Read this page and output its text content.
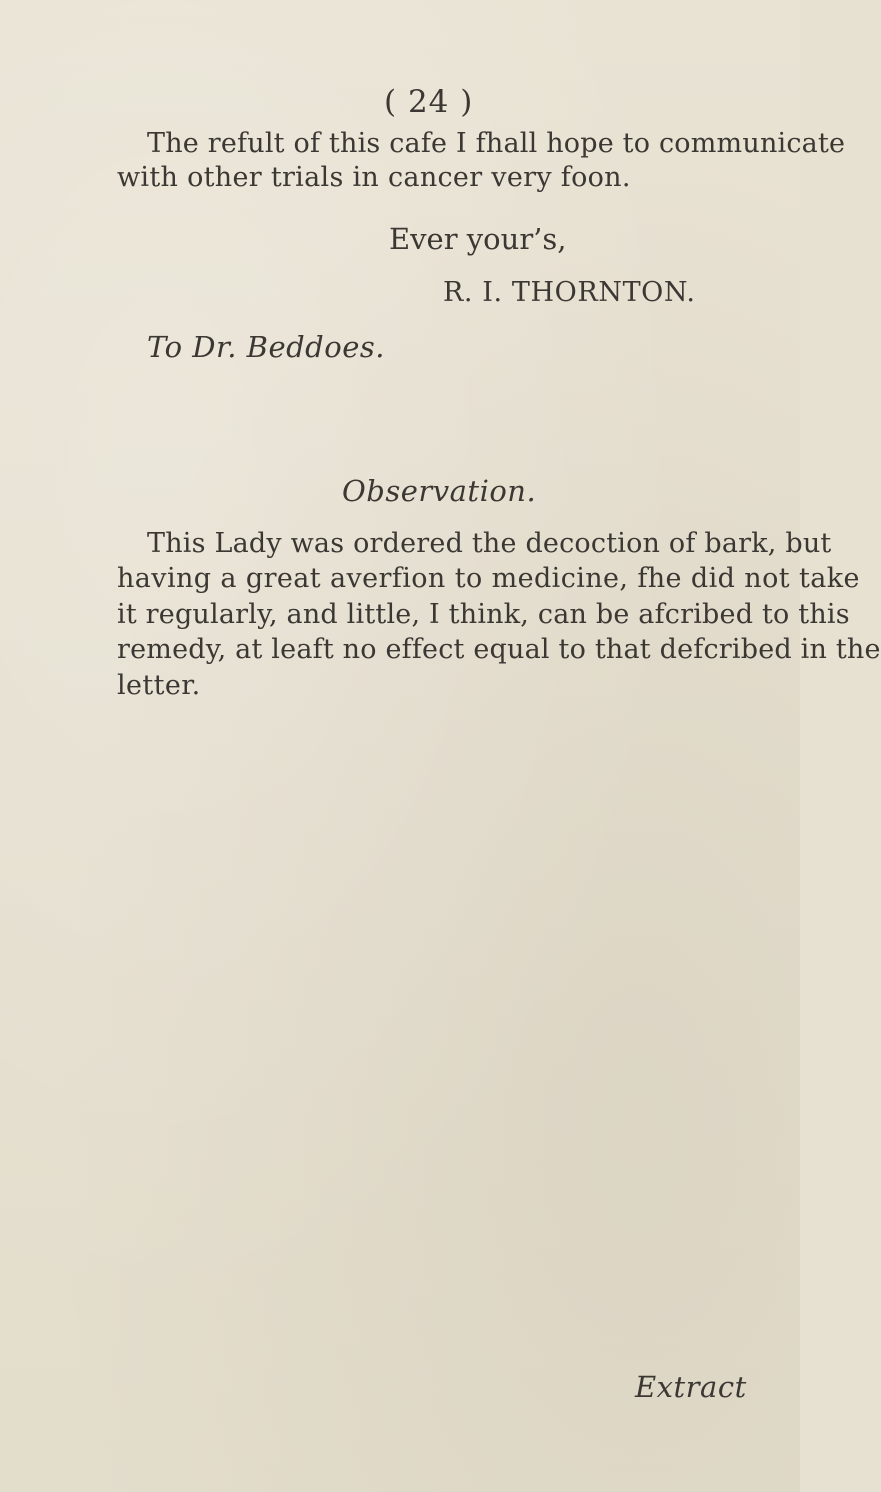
( 24 )

The refult of this cafe I fhall hope to communicate

with other trials in cancer very foon.

Ever your’s,

R. I. THORNTON.

To Dr. Beddoes.

Observation.

This Lady was ordered the decoction of bark, but

having a great averfion to medicine, fhe did not take

it regularly, and little, I think, can be afcribed to this

remedy, at leaft no effect equal to that defcribed in the

letter.

Extract
